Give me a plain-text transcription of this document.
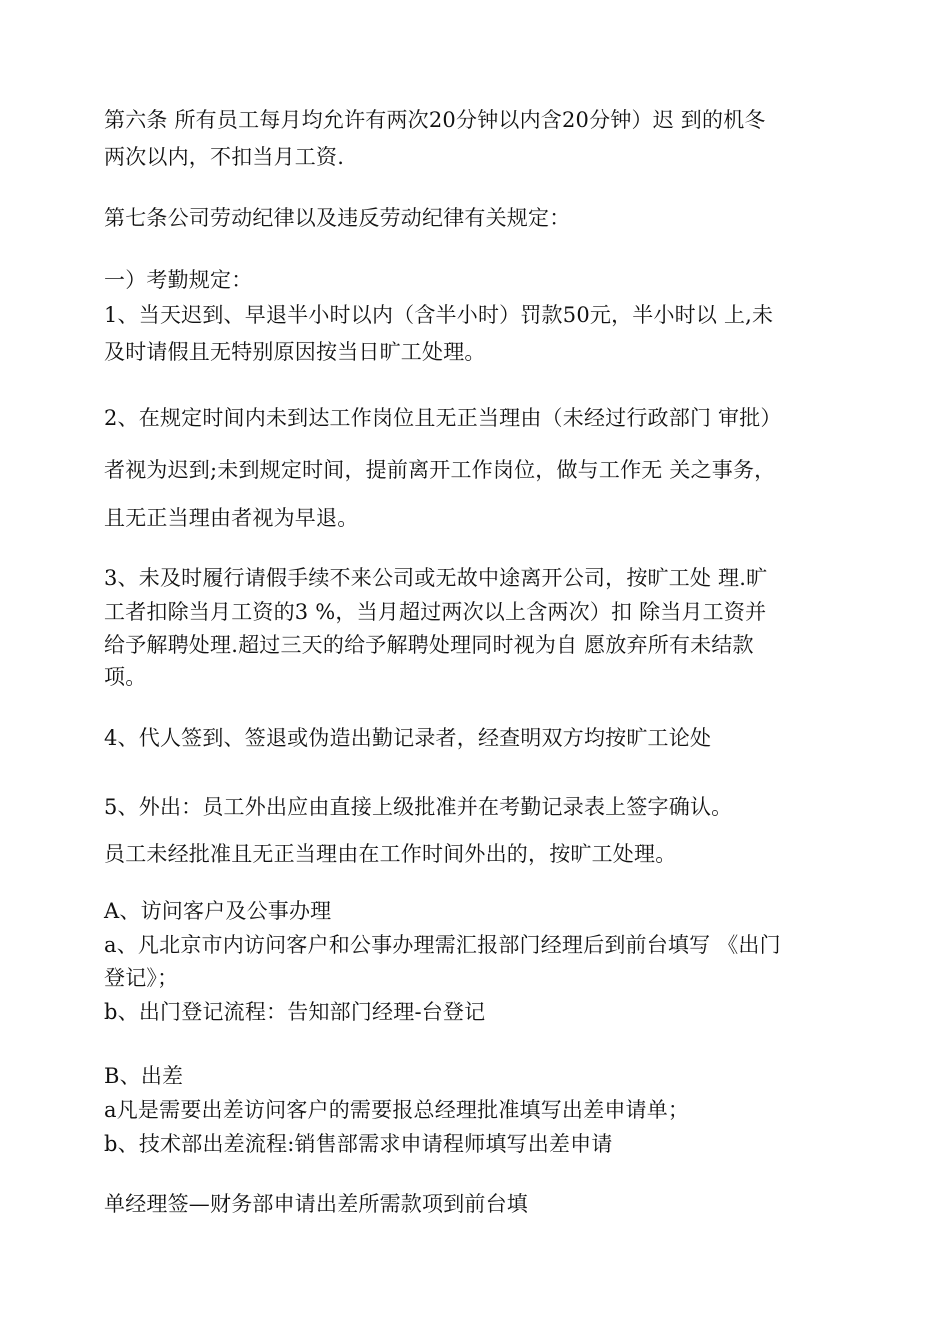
第六条 所有员工每月均允许有两次20分钟以内含20分钟）迟 到的机冬
两次以内，不扣当月工资.
第七条公司劳动纪律以及违反劳动纪律有关规定：
一）考勤规定：
1、当天迟到、早退半小时以内（含半小时）罚款50元，半小时以 上,未
及时请假且无特别原因按当日旷工处理。
2、在规定时间内未到达工作岗位且无正当理由（未经过行政部门 审批）
者视为迟到;未到规定时间，提前离开工作岗位，做与工作无 关之事务，
且无正当理由者视为早退。
3、未及时履行请假手续不来公司或无故中途离开公司，按旷工处 理.旷
工者扣除当月工资的3 %，当月超过两次以上含两次）扣 除当月工资并
给予解聘处理.超过三天的给予解聘处理同时视为自 愿放弃所有未结款
项。
4、代人签到、签退或伪造出勤记录者，经查明双方均按旷工论处
5、外出：员工外出应由直接上级批准并在考勤记录表上签字确认。
员工未经批准且无正当理由在工作时间外出的，按旷工处理。
A、访问客户及公事办理
a、凡北京市内访问客户和公事办理需汇报部门经理后到前台填写 《出门
登记》；
b、出门登记流程：告知部门经理-台登记
B、出差
a凡是需要出差访问客户的需要报总经理批准填写出差申请单；
b、技术部出差流程:销售部需求申请程师填写出差申请
单经理签—财务部申请出差所需款项到前台填
